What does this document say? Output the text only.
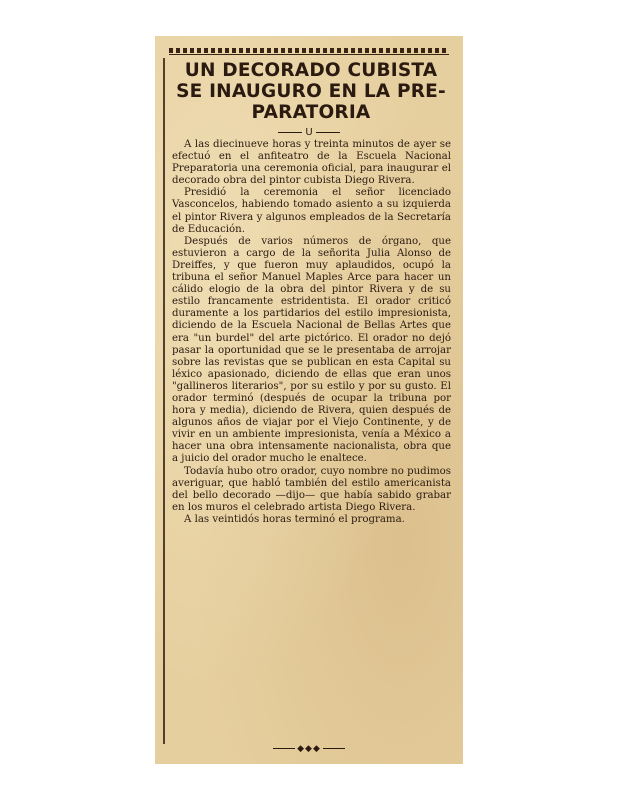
UN DECORADO CUBISTA SE INAUGURO EN LA PRE-PARATORIA
U

A las diecinueve horas y treinta minutos de ayer se efectuó en el anfiteatro de la Escuela Nacional Preparatoria una ceremonia oficial, para inaugurar el decorado obra del pintor cubista Diego Rivera.

Presidió la ceremonia el señor licenciado Vasconcelos, habiendo tomado asiento a su izquierda el pintor Rivera y algunos empleados de la Secretaría de Educación.

Después de varios números de órgano, que estuvieron a cargo de la señorita Julia Alonso de Dreiffes, y que fueron muy aplaudidos, ocupó la tribuna el señor Manuel Maples Arce para hacer un cálido elogio de la obra del pintor Rivera y de su estilo francamente estridentista. El orador criticó duramente a los partidarios del estilo impresionista, diciendo de la Escuela Nacional de Bellas Artes que era "un burdel" del arte pictórico. El orador no dejó pasar la oportunidad que se le presentaba de arrojar sobre las revistas que se publican en esta Capital su léxico apasionado, diciendo de ellas que eran unos "gallineros literarios", por su estilo y por su gusto. El orador terminó (después de ocupar la tribuna por hora y media), diciendo de Rivera, quien después de algunos años de viajar por el Viejo Continente, y de vivir en un ambiente impresionista, venía a México a hacer una obra intensamente nacionalista, obra que a juicio del orador mucho le enaltece.

Todavía hubo otro orador, cuyo nombre no pudimos averiguar, que habló también del estilo americanista del bello decorado —dijo— que había sabido grabar en los muros el celebrado artista Diego Rivera.

A las veintidós horas terminó el programa.

◆◆◆
